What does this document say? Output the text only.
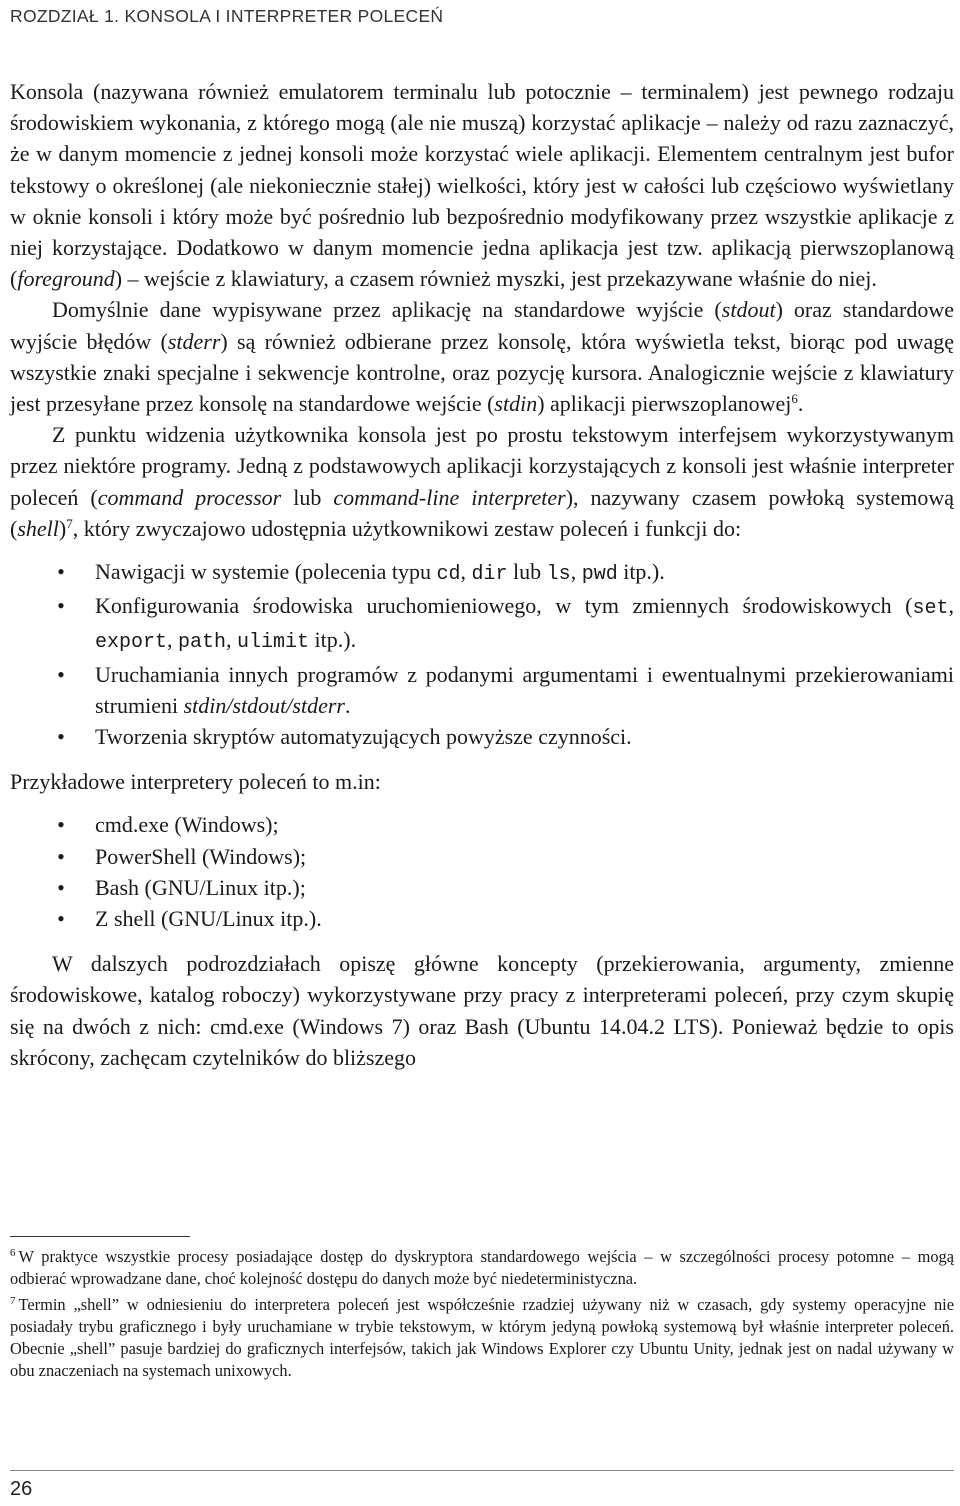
ROZDZIAŁ 1. KONSOLA I INTERPRETER POLECEŃ

Konsola (nazywana również emulatorem terminalu lub potocznie – terminalem) jest pewnego rodzaju środowiskiem wykonania, z którego mogą (ale nie muszą) korzystać aplikacje – należy od razu zaznaczyć, że w danym momencie z jednej konsoli może korzystać wiele aplikacji. Elementem centralnym jest bufor tekstowy o określonej (ale niekoniecznie stałej) wielkości, który jest w całości lub częściowo wyświetlany w oknie konsoli i który może być pośrednio lub bezpośrednio modyfikowany przez wszystkie aplikacje z niej korzystające. Dodatkowo w danym momencie jedna aplikacja jest tzw. aplikacją pierwszoplanową (foreground) – wejście z klawiatury, a czasem również myszki, jest przekazywane właśnie do niej.

Domyślnie dane wypisywane przez aplikację na standardowe wyjście (stdout) oraz standardowe wyjście błędów (stderr) są również odbierane przez konsolę, która wyświetla tekst, biorąc pod uwagę wszystkie znaki specjalne i sekwencje kontrolne, oraz pozycję kursora. Analogicznie wejście z klawiatury jest przesyłane przez konsolę na standardowe wejście (stdin) aplikacji pierwszoplanowej$^6$.

Z punktu widzenia użytkownika konsola jest po prostu tekstowym interfejsem wykorzystywanym przez niektóre programy. Jedną z podstawowych aplikacji korzystających z konsoli jest właśnie interpreter poleceń (command processor lub command-line interpreter), nazywany czasem powłoką systemową (shell)$^7$, który zwyczajowo udostępnia użytkownikowi zestaw poleceń i funkcji do:

• Nawigacji w systemie (polecenia typu cd, dir lub ls, pwd itp.).
• Konfigurowania środowiska uruchomieniowego, w tym zmiennych środowiskowych (set, export, path, ulimit itp.).
• Uruchamiania innych programów z podanymi argumentami i ewentualnymi przekierowaniami strumieni stdin/stdout/stderr.
• Tworzenia skryptów automatyzujących powyższe czynności.

Przykładowe interpretery poleceń to m.in:

• cmd.exe (Windows);
• PowerShell (Windows);
• Bash (GNU/Linux itp.);
• Z shell (GNU/Linux itp.).

W dalszych podrozdziałach opiszę główne koncepty (przekierowania, argumenty, zmienne środowiskowe, katalog roboczy) wykorzystywane przy pracy z interpreterami poleceń, przy czym skupię się na dwóch z nich: cmd.exe (Windows 7) oraz Bash (Ubuntu 14.04.2 LTS). Ponieważ będzie to opis skrócony, zachęcam czytelników do bliższego

$^6$ W praktyce wszystkie procesy posiadające dostęp do dyskryptora standardowego wejścia – w szczególności procesy potomne – mogą odbierać wprowadzane dane, choć kolejność dostępu do danych może być niedeterministyczna.

$^7$ Termin „shell” w odniesieniu do interpretera poleceń jest współcześnie rzadziej używany niż w czasach, gdy systemy operacyjne nie posiadały trybu graficznego i były uruchamiane w trybie tekstowym, w którym jedyną powłoką systemową był właśnie interpreter poleceń. Obecnie „shell” pasuje bardziej do graficznych interfejsów, takich jak Windows Explorer czy Ubuntu Unity, jednak jest on nadal używany w obu znaczeniach na systemach unixowych.

26
